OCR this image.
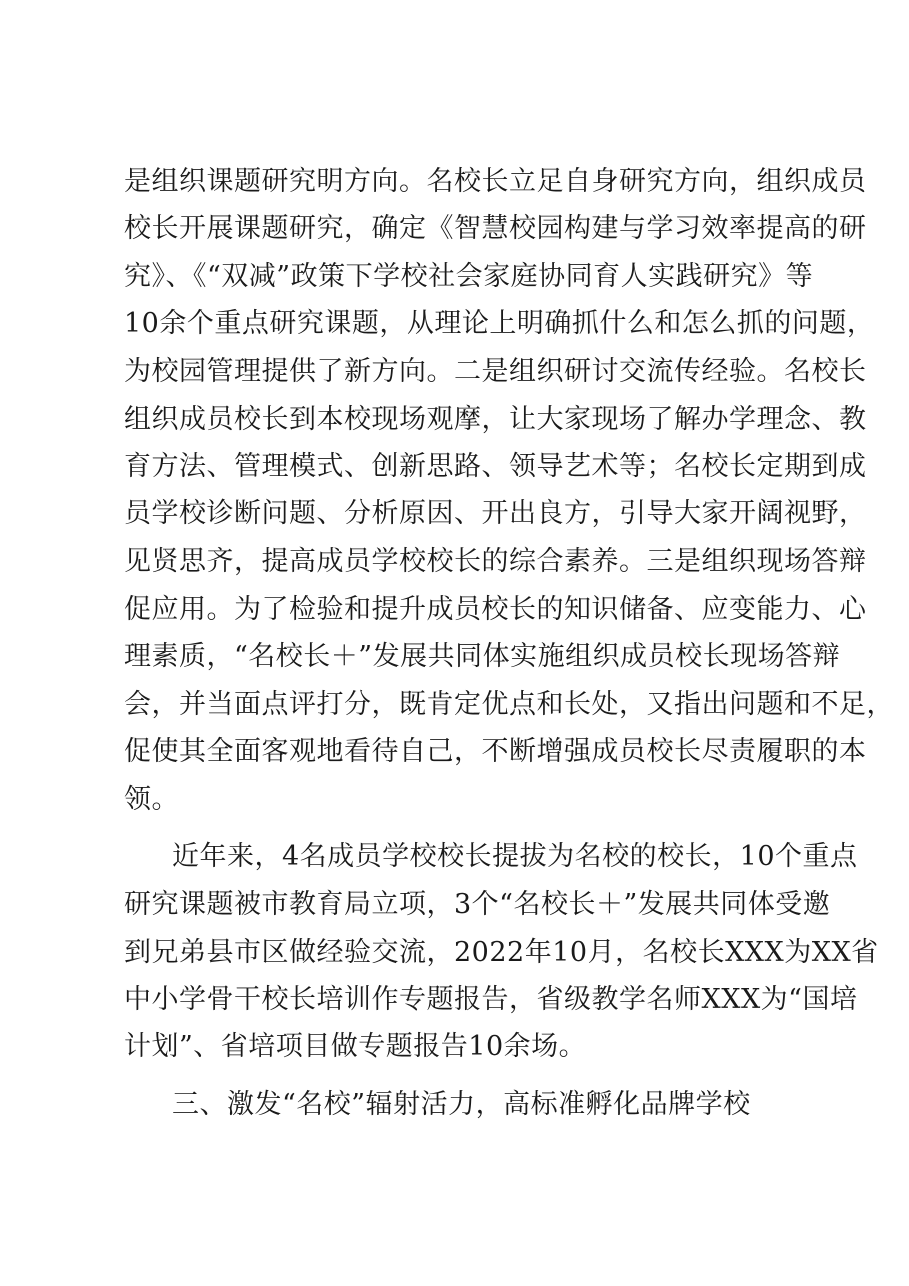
是组织课题研究明方向。名校长立足自身研究方向，组织成员
校长开展课题研究，确定《智慧校园构建与学习效率提高的研
究》、《“双减”政策下学校社会家庭协同育人实践研究》等
10余个重点研究课题，从理论上明确抓什么和怎么抓的问题，
为校园管理提供了新方向。二是组织研讨交流传经验。名校长
组织成员校长到本校现场观摩，让大家现场了解办学理念、教
育方法、管理模式、创新思路、领导艺术等；名校长定期到成
员学校诊断问题、分析原因、开出良方，引导大家开阔视野，
见贤思齐，提高成员学校校长的综合素养。三是组织现场答辩
促应用。为了检验和提升成员校长的知识储备、应变能力、心
理素质，“名校长＋”发展共同体实施组织成员校长现场答辩
会，并当面点评打分，既肯定优点和长处，又指出问题和不足，
促使其全面客观地看待自己，不断增强成员校长尽责履职的本
领。
近年来，4名成员学校校长提拔为名校的校长，10个重点
研究课题被市教育局立项，3个“名校长＋”发展共同体受邀
到兄弟县市区做经验交流，2022年10月，名校长XXX为XX省
中小学骨干校长培训作专题报告，省级教学名师XXX为“国培
计划”、省培项目做专题报告10余场。
三、激发“名校”辐射活力，高标准孵化品牌学校
